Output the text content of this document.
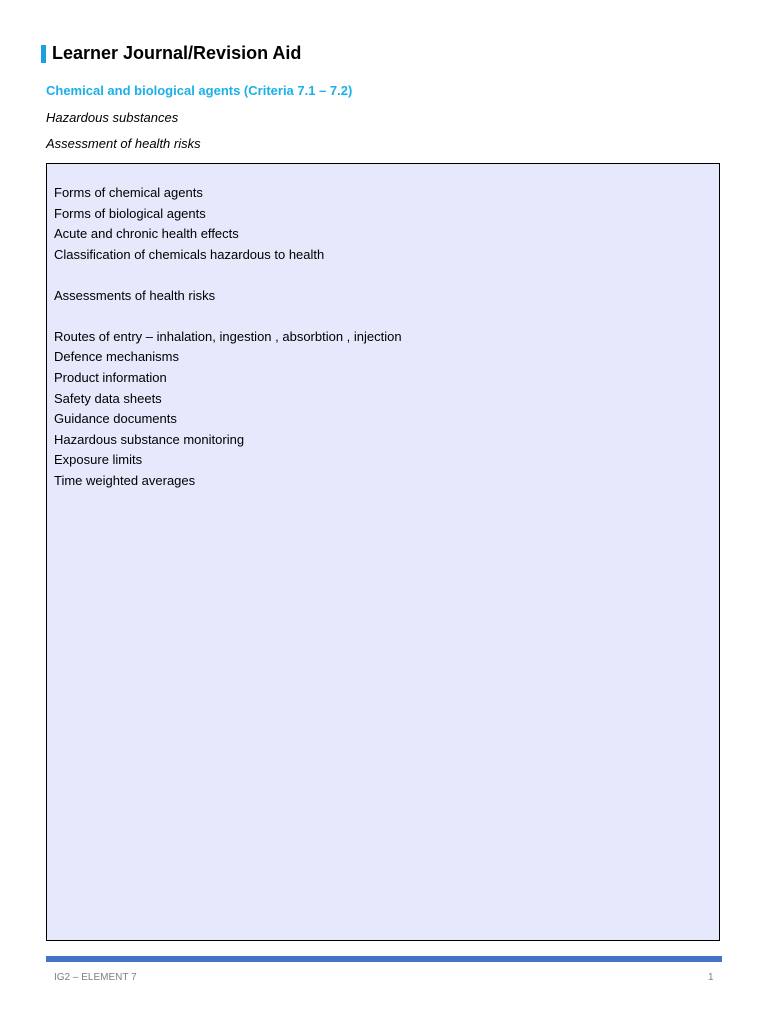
Learner Journal/Revision Aid
Chemical and biological agents (Criteria 7.1 – 7.2)
Hazardous substances
Assessment of health risks
Forms of chemical agents
Forms of biological agents
Acute and chronic health effects
Classification of chemicals hazardous to health
Assessments of health risks
Routes of entry – inhalation, ingestion , absorbtion , injection
Defence mechanisms
Product information
Safety data sheets
Guidance documents
Hazardous substance monitoring
Exposure limits
Time weighted averages
IG2 – ELEMENT 7	1
